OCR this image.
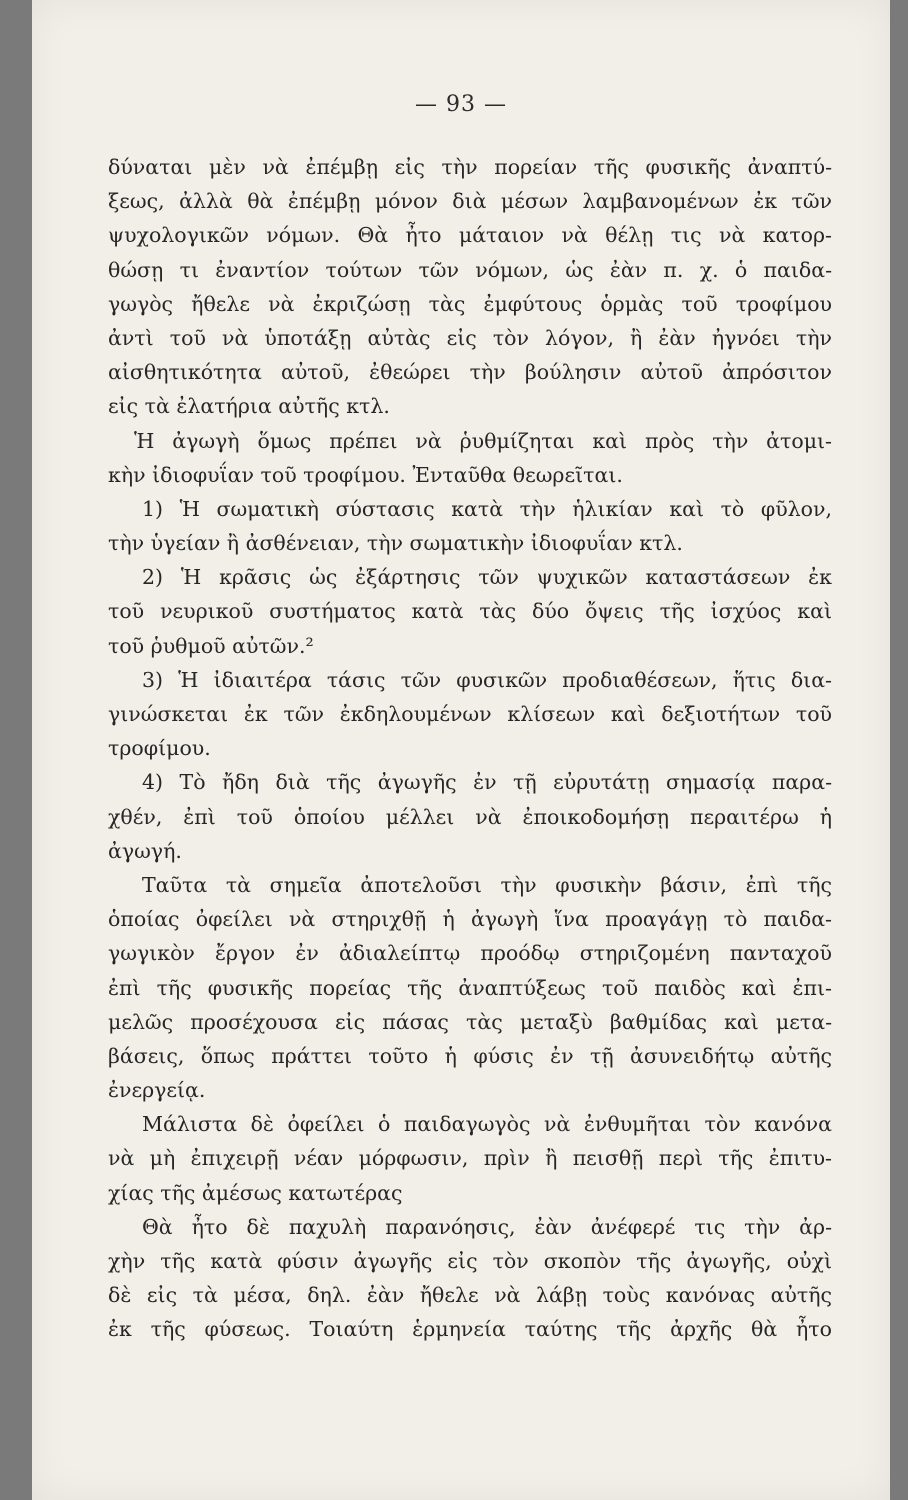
— 93 —
δύναται μὲν νὰ ἐπέμβῃ εἰς τὴν πορείαν τῆς φυσικῆς ἀναπτύ-
ξεως, ἀλλὰ θὰ ἐπέμβῃ μόνον διὰ μέσων λαμβανομένων ἐκ τῶν
ψυχολογικῶν νόμων. Θὰ ἦτο μάταιον νὰ θέλῃ τις νὰ κατορ-
θώσῃ τι ἐναντίον τούτων τῶν νόμων, ὡς ἐὰν π. χ. ὁ παιδα-
γωγὸς ἤθελε νὰ ἐκριζώσῃ τὰς ἐμφύτους ὁρμὰς τοῦ τροφίμου
ἀντὶ τοῦ νὰ ὑποτάξῃ αὐτὰς εἰς τὸν λόγον, ἢ ἐὰν ἠγνόει τὴν
αἰσθητικότητα αὐτοῦ, ἐθεώρει τὴν βούλησιν αὐτοῦ ἀπρόσιτον
εἰς τὰ ἐλατήρια αὐτῆς κτλ.
Ἡ ἀγωγὴ ὅμως πρέπει νὰ ῥυθμίζηται καὶ πρὸς τὴν ἀτομι-
κὴν ἰδιοφυΐαν τοῦ τροφίμου. Ἐνταῦθα θεωρεῖται.
1) Ἡ σωματικὴ σύστασις κατὰ τὴν ἡλικίαν καὶ τὸ φῦλον,
τὴν ὑγείαν ἢ ἀσθένειαν, τὴν σωματικὴν ἰδιοφυΐαν κτλ.
2) Ἡ κρᾶσις ὡς ἐξάρτησις τῶν ψυχικῶν καταστάσεων ἐκ
τοῦ νευρικοῦ συστήματος κατὰ τὰς δύο ὄψεις τῆς ἰσχύος καὶ
τοῦ ῥυθμοῦ αὐτῶν.²
3) Ἡ ἰδιαιτέρα τάσις τῶν φυσικῶν προδιαθέσεων, ἥτις δια-
γινώσκεται ἐκ τῶν ἐκδηλουμένων κλίσεων καὶ δεξιοτήτων τοῦ
τροφίμου.
4) Τὸ ἤδη διὰ τῆς ἀγωγῆς ἐν τῇ εὐρυτάτῃ σημασίᾳ παρα-
χθέν, ἐπὶ τοῦ ὁποίου μέλλει νὰ ἐποικοδομήσῃ περαιτέρω ἡ
ἀγωγή.
Ταῦτα τὰ σημεῖα ἀποτελοῦσι τὴν φυσικὴν βάσιν, ἐπὶ τῆς
ὁποίας ὀφείλει νὰ στηριχθῇ ἡ ἀγωγὴ ἵνα προαγάγῃ τὸ παιδα-
γωγικὸν ἔργον ἐν ἀδιαλείπτῳ προόδῳ στηριζομένη πανταχοῦ
ἐπὶ τῆς φυσικῆς πορείας τῆς ἀναπτύξεως τοῦ παιδὸς καὶ ἐπι-
μελῶς προσέχουσα εἰς πάσας τὰς μεταξὺ βαθμίδας καὶ μετα-
βάσεις, ὅπως πράττει τοῦτο ἡ φύσις ἐν τῇ ἀσυνειδήτῳ αὐτῆς
ἐνεργείᾳ.
Μάλιστα δὲ ὀφείλει ὁ παιδαγωγὸς νὰ ἐνθυμῆται τὸν κανόνα
νὰ μὴ ἐπιχειρῇ νέαν μόρφωσιν, πρὶν ἢ πεισθῇ περὶ τῆς ἐπιτυ-
χίας τῆς ἀμέσως κατωτέρας
Θὰ ἦτο δὲ παχυλὴ παρανόησις, ἐὰν ἀνέφερέ τις τὴν ἀρ-
χὴν τῆς κατὰ φύσιν ἀγωγῆς εἰς τὸν σκοπὸν τῆς ἀγωγῆς, οὐχὶ
δὲ εἰς τὰ μέσα, δηλ. ἐὰν ἤθελε νὰ λάβῃ τοὺς κανόνας αὐτῆς
ἐκ τῆς φύσεως. Τοιαύτη ἑρμηνεία ταύτης τῆς ἀρχῆς θὰ ἦτο
